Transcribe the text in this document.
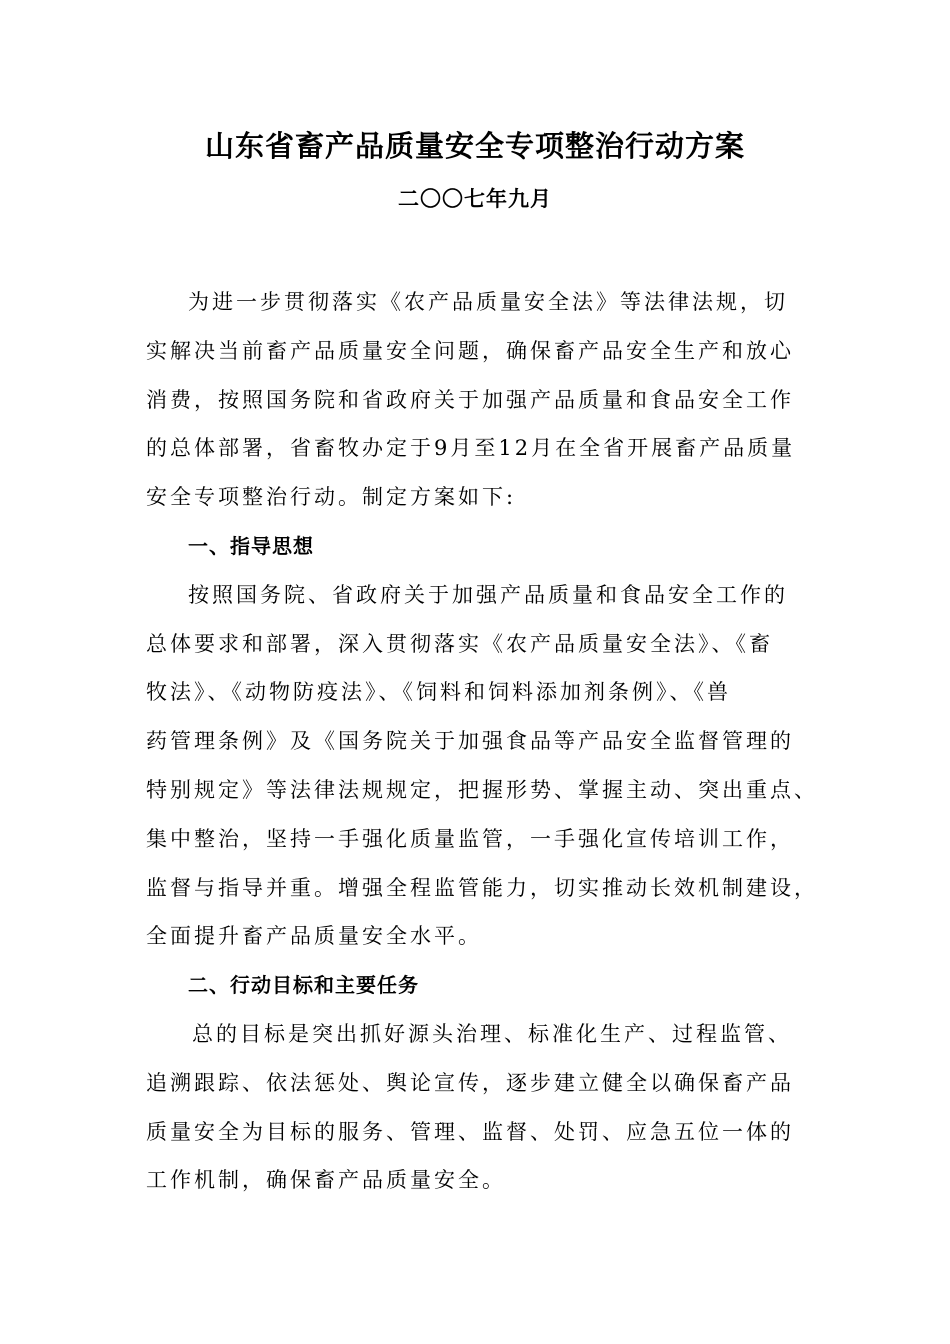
山东省畜产品质量安全专项整治行动方案
二〇〇七年九月
为进一步贯彻落实《农产品质量安全法》等法律法规，切
实解决当前畜产品质量安全问题，确保畜产品安全生产和放心
消费，按照国务院和省政府关于加强产品质量和食品安全工作
的总体部署，省畜牧办定于9月至12月在全省开展畜产品质量
安全专项整治行动。制定方案如下:
一、指导思想
按照国务院、省政府关于加强产品质量和食品安全工作的
总体要求和部署，深入贯彻落实《农产品质量安全法》、《畜
牧法》、《动物防疫法》、《饲料和饲料添加剂条例》、《兽
药管理条例》及《国务院关于加强食品等产品安全监督管理的
特别规定》等法律法规规定，把握形势、掌握主动、突出重点、
集中整治，坚持一手强化质量监管，一手强化宣传培训工作，
监督与指导并重。增强全程监管能力，切实推动长效机制建设，
全面提升畜产品质量安全水平。
二、行动目标和主要任务
总的目标是突出抓好源头治理、标准化生产、过程监管、
追溯跟踪、依法惩处、舆论宣传，逐步建立健全以确保畜产品
质量安全为目标的服务、管理、监督、处罚、应急五位一体的
工作机制，确保畜产品质量安全。
